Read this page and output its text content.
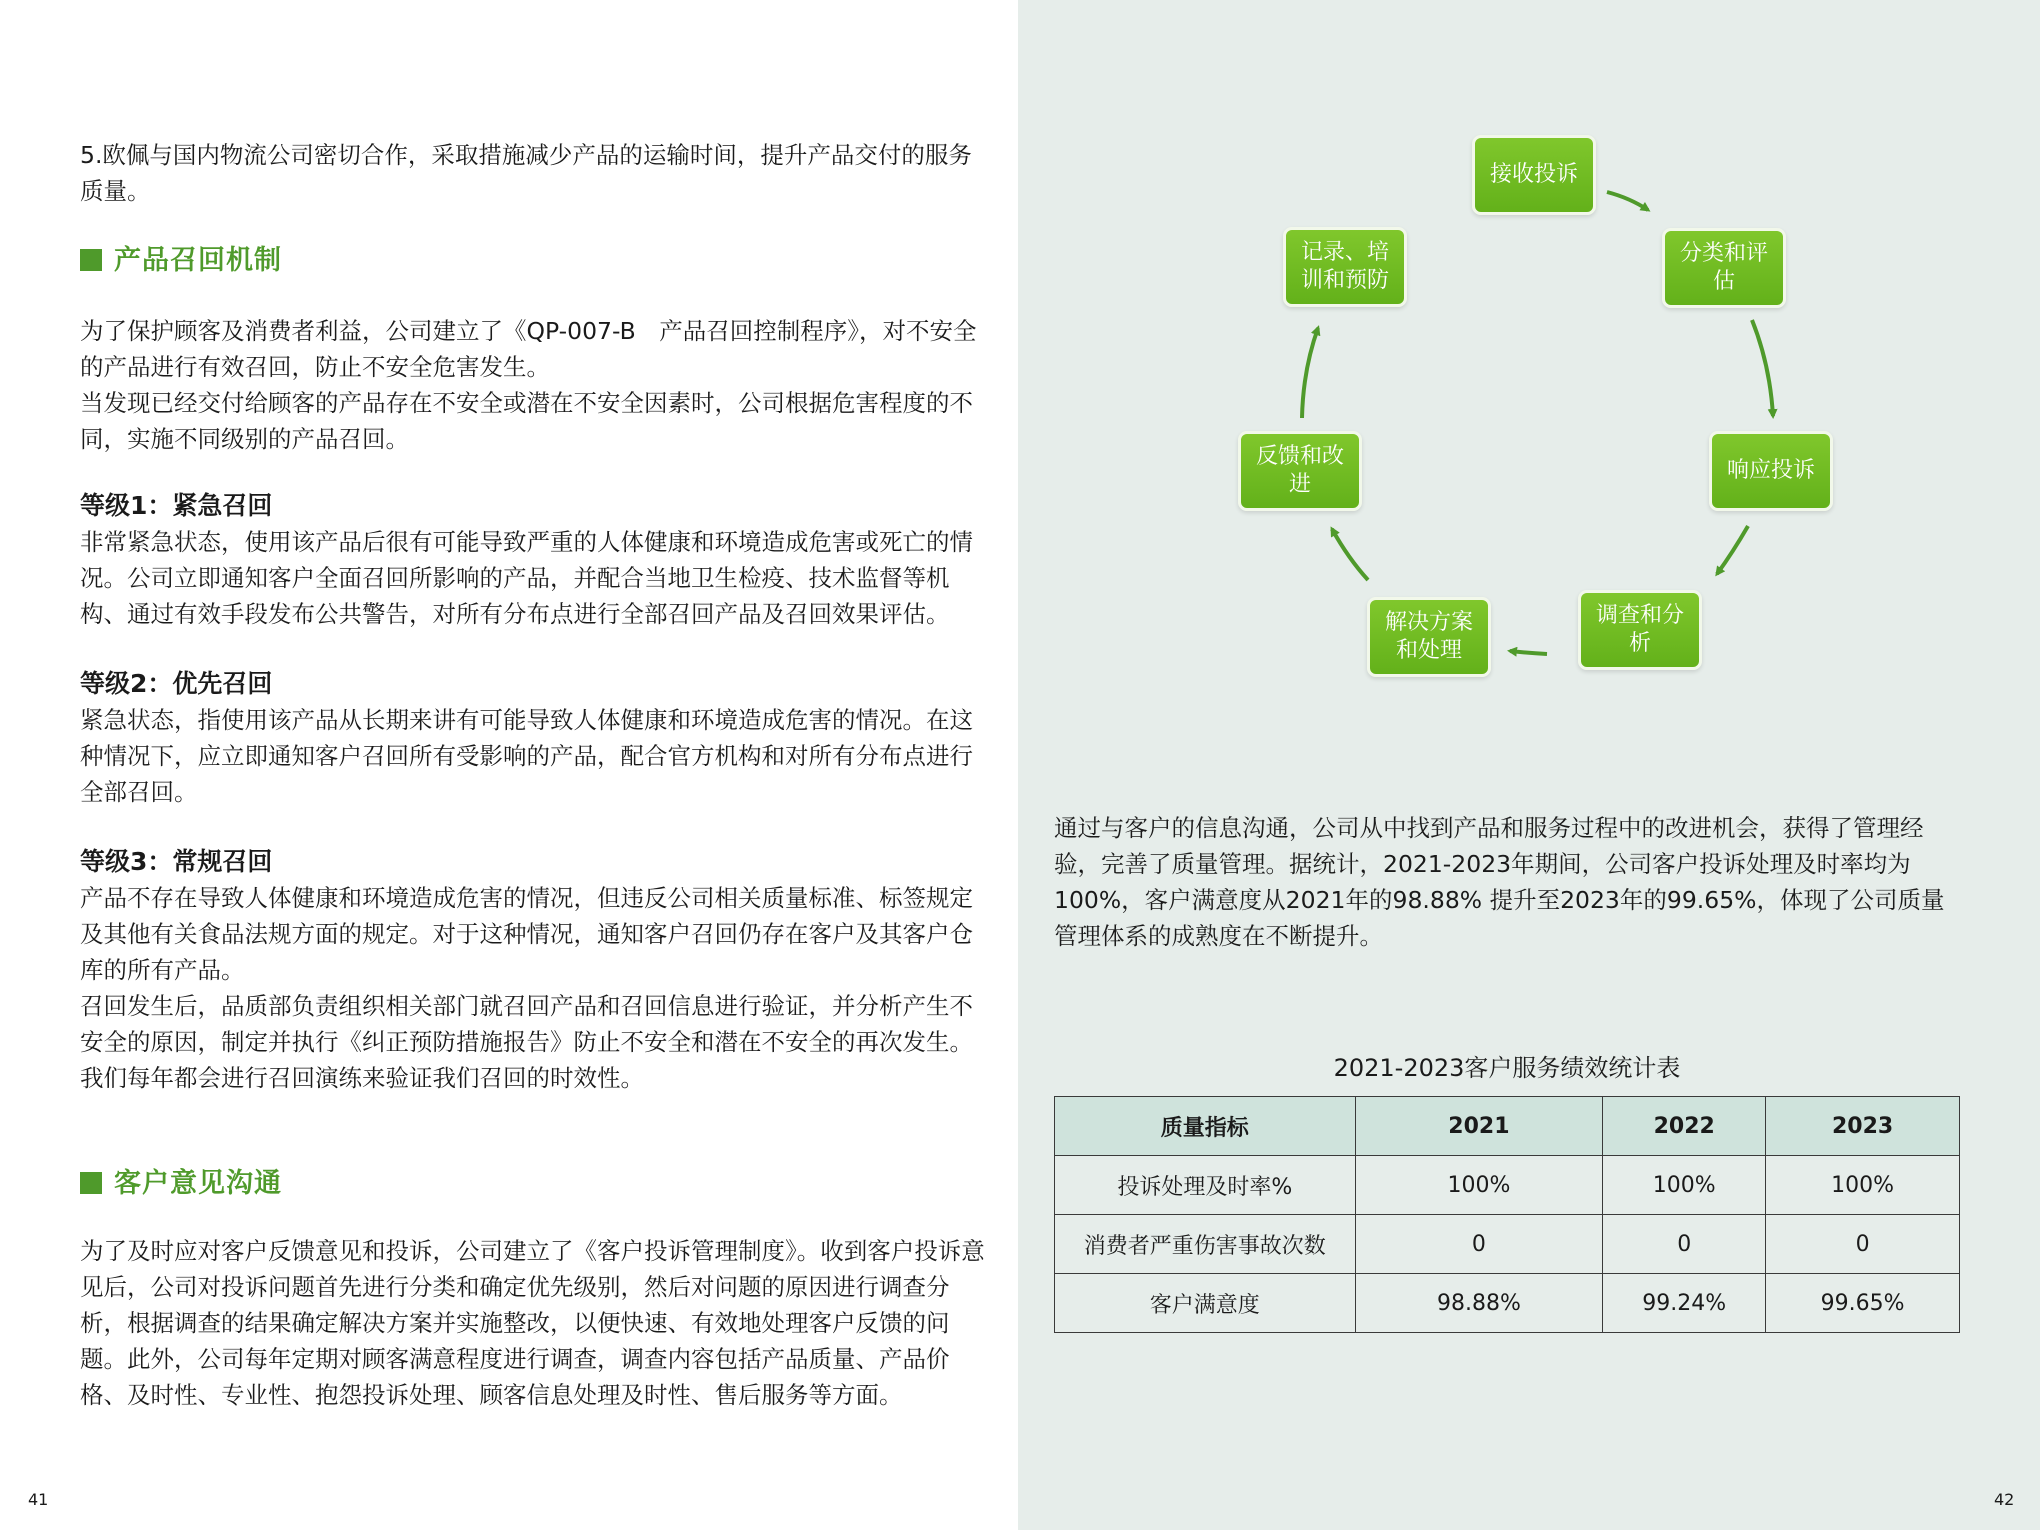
5.欧佩与国内物流公司密切合作，采取措施减少产品的运输时间，提升产品交付的服务质量。

产品召回机制

为了保护顾客及消费者利益，公司建立了《QP-007-B　产品召回控制程序》，对不安全的产品进行有效召回，防止不安全危害发生。

当发现已经交付给顾客的产品存在不安全或潜在不安全因素时，公司根据危害程度的不同，实施不同级别的产品召回。

等级1：紧急召回

非常紧急状态，使用该产品后很有可能导致严重的人体健康和环境造成危害或死亡的情况。公司立即通知客户全面召回所影响的产品，并配合当地卫生检疫、技术监督等机构、通过有效手段发布公共警告，对所有分布点进行全部召回产品及召回效果评估。

等级2：优先召回

紧急状态，指使用该产品从长期来讲有可能导致人体健康和环境造成危害的情况。在这种情况下，应立即通知客户召回所有受影响的产品，配合官方机构和对所有分布点进行全部召回。

等级3：常规召回

产品不存在导致人体健康和环境造成危害的情况，但违反公司相关质量标准、标签规定及其他有关食品法规方面的规定。对于这种情况，通知客户召回仍存在客户及其客户仓库的所有产品。

召回发生后，品质部负责组织相关部门就召回产品和召回信息进行验证，并分析产生不安全的原因，制定并执行《纠正预防措施报告》防止不安全和潜在不安全的再次发生。

我们每年都会进行召回演练来验证我们召回的时效性。

客户意见沟通

为了及时应对客户反馈意见和投诉，公司建立了《客户投诉管理制度》。收到客户投诉意见后，公司对投诉问题首先进行分类和确定优先级别，然后对问题的原因进行调查分析，根据调查的结果确定解决方案并实施整改，以便快速、有效地处理客户反馈的问题。此外，公司每年定期对顾客满意程度进行调查，调查内容包括产品质量、产品价格、及时性、专业性、抱怨投诉处理、顾客信息处理及时性、售后服务等方面。

41
接收投诉
分类和评估
响应投诉
调查和分析
解决方案和处理
反馈和改进
记录、培训和预防

通过与客户的信息沟通，公司从中找到产品和服务过程中的改进机会，获得了管理经验，完善了质量管理。据统计，2021-2023年期间，公司客户投诉处理及时率均为100%，客户满意度从2021年的98.88% 提升至2023年的99.65%，体现了公司质量管理体系的成熟度在不断提升。

2021-2023客户服务绩效统计表
质量指标	2021	2022	2023
投诉处理及时率%	100%	100%	100%
消费者严重伤害事故次数	0	0	0
客户满意度	98.88%	99.24%	99.65%
42
